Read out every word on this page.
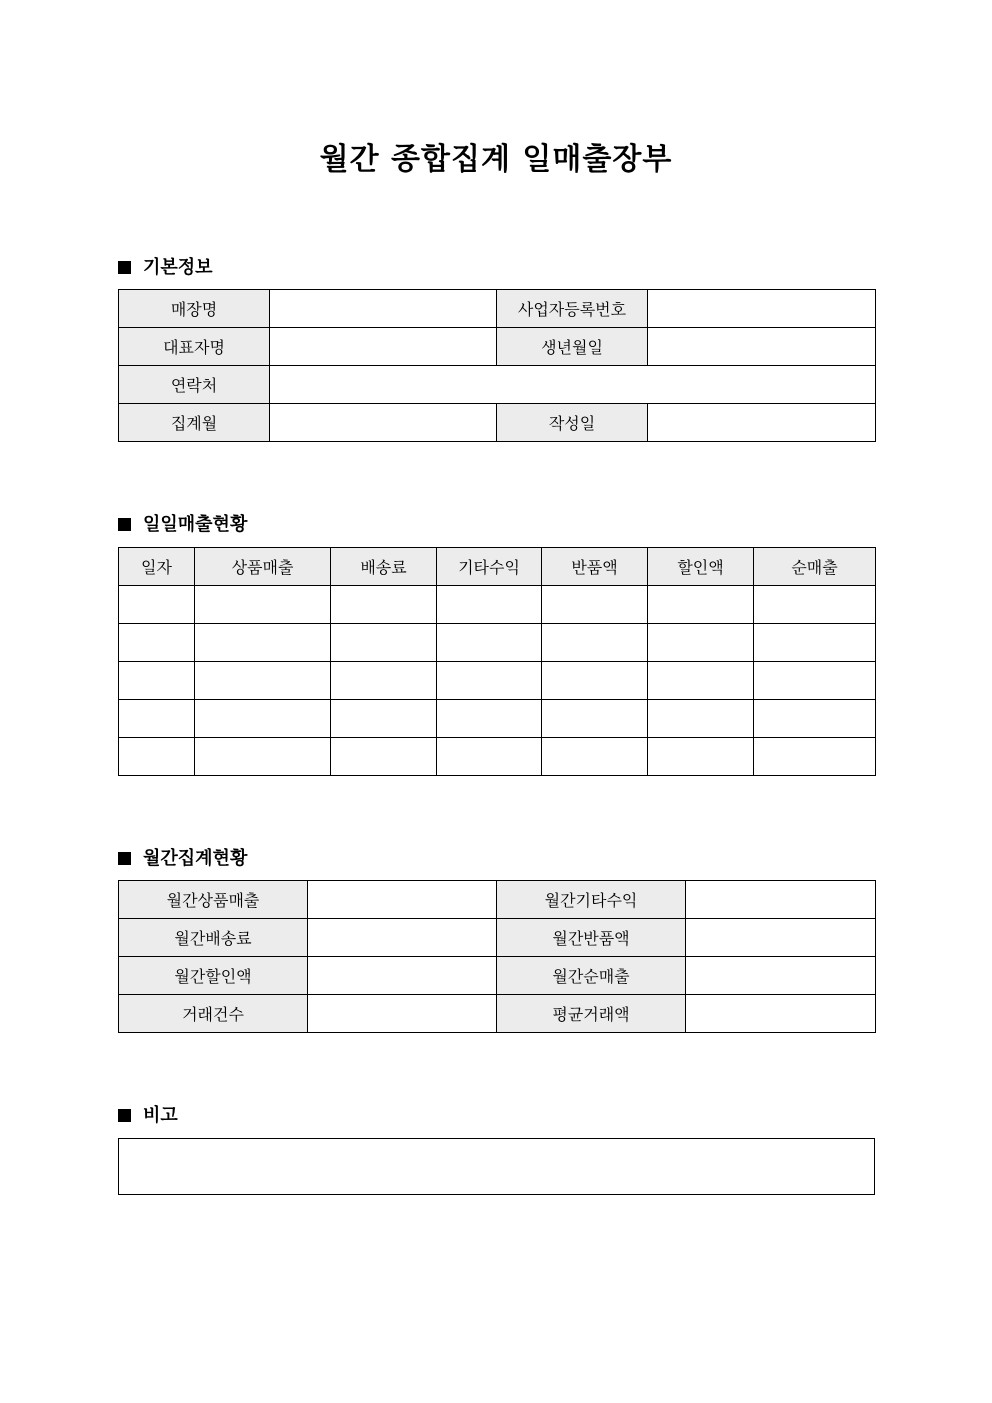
월간 종합집계 일매출장부
기본정보
매장명		사업자등록번호	
대표자명		생년월일	
연락처			
집계월		작성일	
일일매출현황
일자	상품매출	배송료	기타수익	반품액	할인액	순매출

월간집계현황
월간상품매출		월간기타수익	
월간배송료		월간반품액	
월간할인액		월간순매출	
거래건수		평균거래액	
비고
